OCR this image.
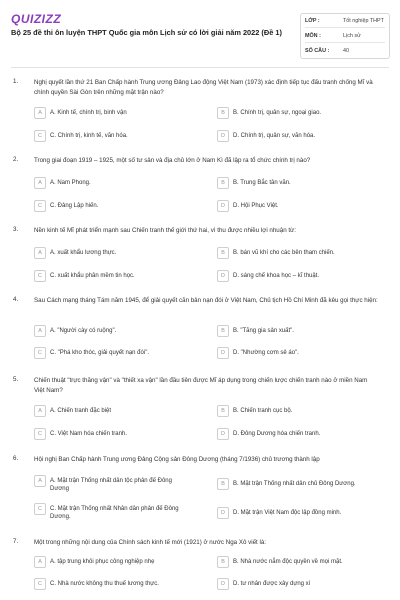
QUIZIZZ
Bộ 25 đề thi ôn luyện THPT Quốc gia môn Lịch sử có lời giải năm 2022 (Đề 1)
LỚP :	Tốt nghiệp THPT
MÔN :	Lịch sử
SỐ CÂU :	40
1.	Nghị quyết lần thứ 21 Ban Chấp hành Trung ương Đảng Lao động Việt Nam (1973) xác định tiếp tục đấu tranh chống Mĩ và chính quyền Sài Gòn trên những mặt trận nào?
A	A. Kinh tế, chính trị, binh vận	B	B. Chính trị, quân sự, ngoại giao.
C	C. Chính trị, kinh tế, văn hóa.	D	D. Chính trị, quân sự, văn hóa.
2.	Trong giai đoạn 1919 – 1925, một số tư sản và địa chủ lớn ở Nam Kì đã lập ra tổ chức chính trị nào?
A	A. Nam Phong.	B	B. Trung Bắc tân văn.
C	C. Đảng Lập hiến.	D	D. Hội Phục Việt.
3.	Nền kinh tế Mĩ phát triển mạnh sau Chiến tranh thế giới thứ hai, vì thu được nhiều lợi nhuận từ:
A	A. xuất khẩu lương thực.	B	B. bán vũ khí cho các bên tham chiến.
C	C. xuất khẩu phân mềm tin học.	D	D. sáng chế khoa học – kĩ thuật.
4.	Sau Cách mạng tháng Tám năm 1945, để giải quyết căn bản nạn đói ở Việt Nam, Chủ tịch Hồ Chí Minh đã kêu gọi thực hiện:
A	A. "Người cày có ruộng".	B	B. "Tăng gia sản xuất".
C	C. "Phá kho thóc, giải quyết nạn đói".	D	D. "Nhường cơm sẻ áo".
5.	Chiến thuật "trực thăng vận" và "thiết xa vận" lần đầu tiên được Mĩ áp dụng trong chiến lược chiến tranh nào ở miền Nam Việt Nam?
A	A. Chiến tranh đặc biệt	B	B. Chiến tranh cục bộ.
C	C. Việt Nam hóa chiến tranh.	D	D. Đông Dương hóa chiến tranh.
6.	Hội nghị Ban Chấp hành Trung ương Đảng Cộng sản Đông Dương (tháng 7/1936) chủ trương thành lập
A	A. Mặt trận Thống nhất dân tộc phản đế Đông Dương
B	B. Mặt trận Thống nhất dân chủ Đông Dương.
C	C. Mặt trận Thống nhất Nhân dân phản đế Đông Dương.
D	D. Mặt trận Việt Nam độc lập đồng minh.
7.	Một trong những nội dung của Chính sách kinh tế mới (1921) ở nước Nga Xô viết là:
A	A. tập trung khôi phục công nghiệp nhẹ	B	B. Nhà nước nắm độc quyền về mọi mặt.
C	C. Nhà nước không thu thuế lương thực.	D	D. tư nhân được xây dựng xí
